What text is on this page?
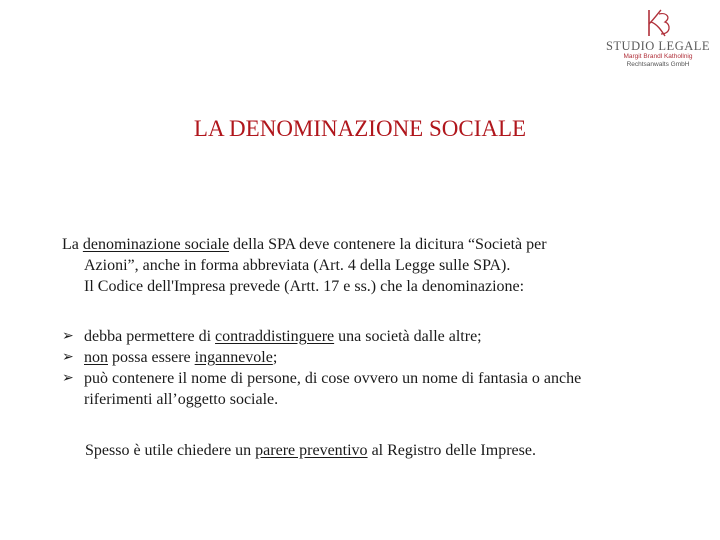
STUDIO LEGALE
Margit Brandl Kathollnig
Rechtsanwalts GmbH
LA DENOMINAZIONE SOCIALE
La denominazione sociale della SPA deve contenere la dicitura “Società per
Azioni”, anche in forma abbreviata (Art. 4 della Legge sulle SPA).
Il Codice dell'Impresa prevede (Artt. 17 e ss.) che la denominazione:
➢ debba permettere di contraddistinguere una società dalle altre;
➢ non possa essere ingannevole;
➢ può contenere il nome di persone, di cose ovvero un nome di fantasia o anche
riferimenti all’oggetto sociale.
Spesso è utile chiedere un parere preventivo al Registro delle Imprese.
